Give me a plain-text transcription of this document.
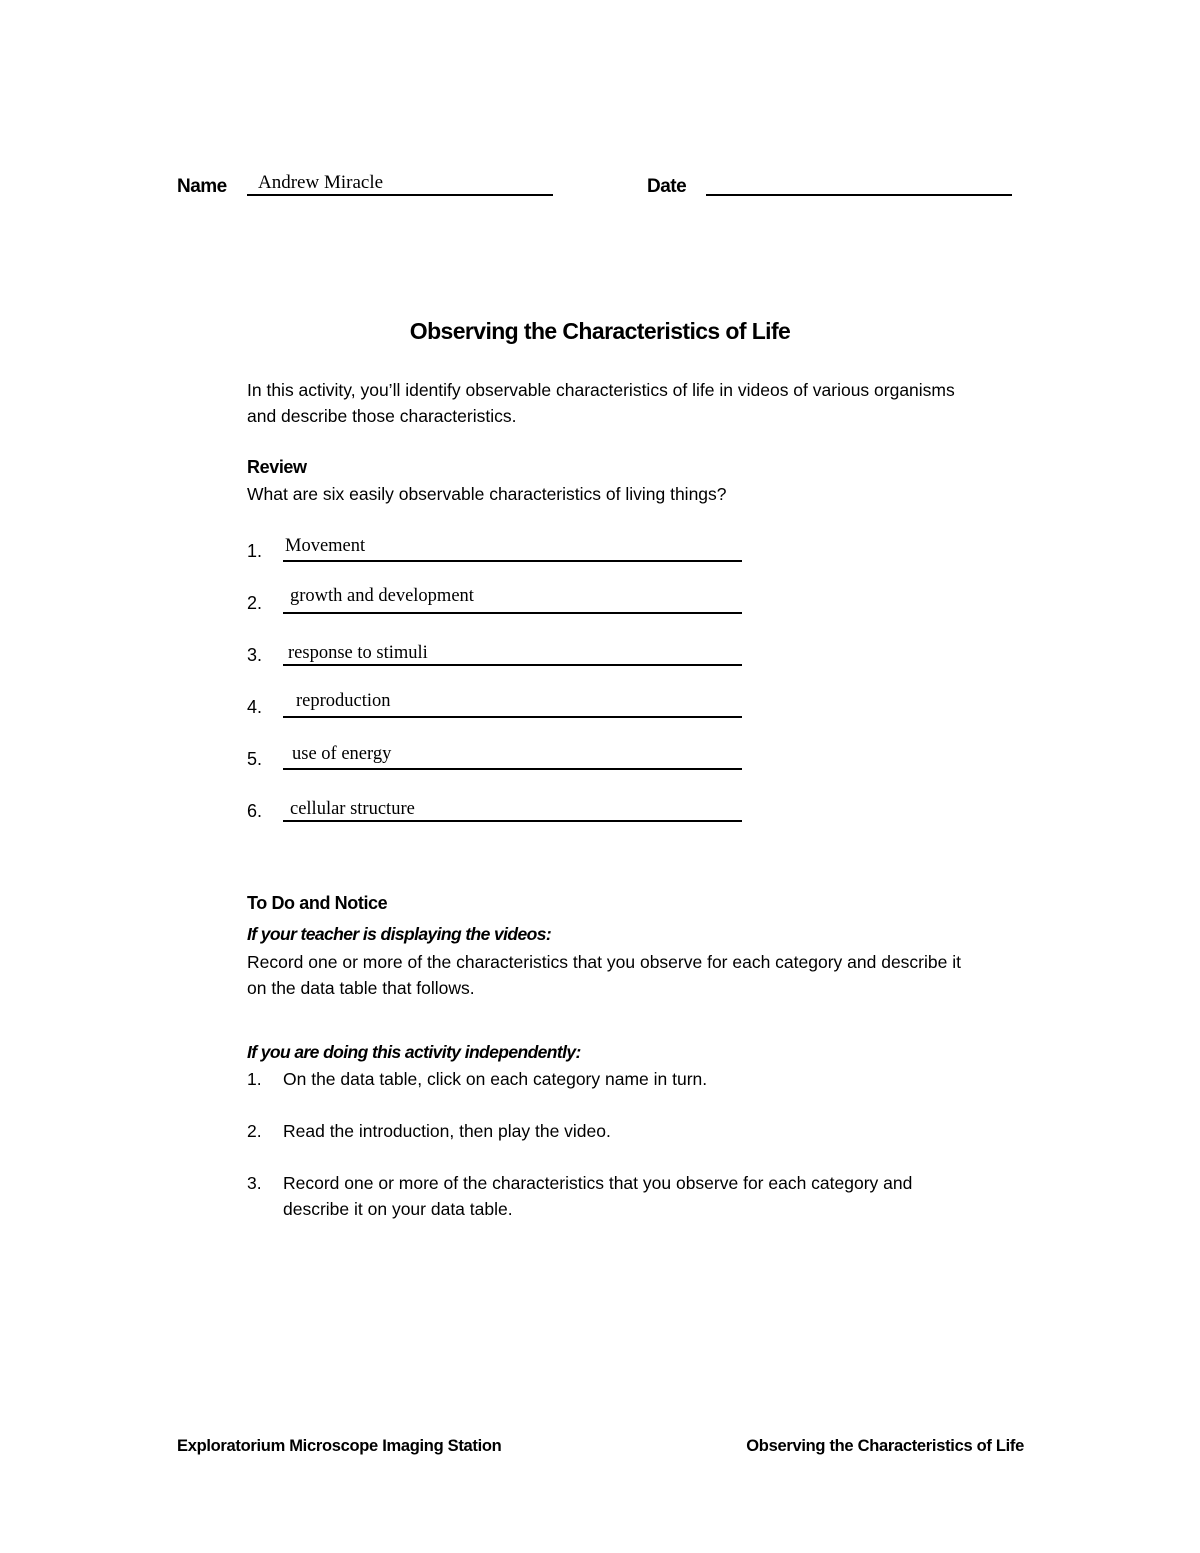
Name Andrew Miracle	Date
Observing the Characteristics of Life
In this activity, you’ll identify observable characteristics of life in videos of various organisms and describe those characteristics.
Review
What are six easily observable characteristics of living things?
1. Movement
2. growth and development
3. response to stimuli
4. reproduction
5. use of energy
6. cellular structure
To Do and Notice
If your teacher is displaying the videos:
Record one or more of the characteristics that you observe for each category and describe it on the data table that follows.
If you are doing this activity independently:
1. On the data table, click on each category name in turn.
2. Read the introduction, then play the video.
3. Record one or more of the characteristics that you observe for each category and describe it on your data table.
Exploratorium Microscope Imaging Station	Observing the Characteristics of Life
